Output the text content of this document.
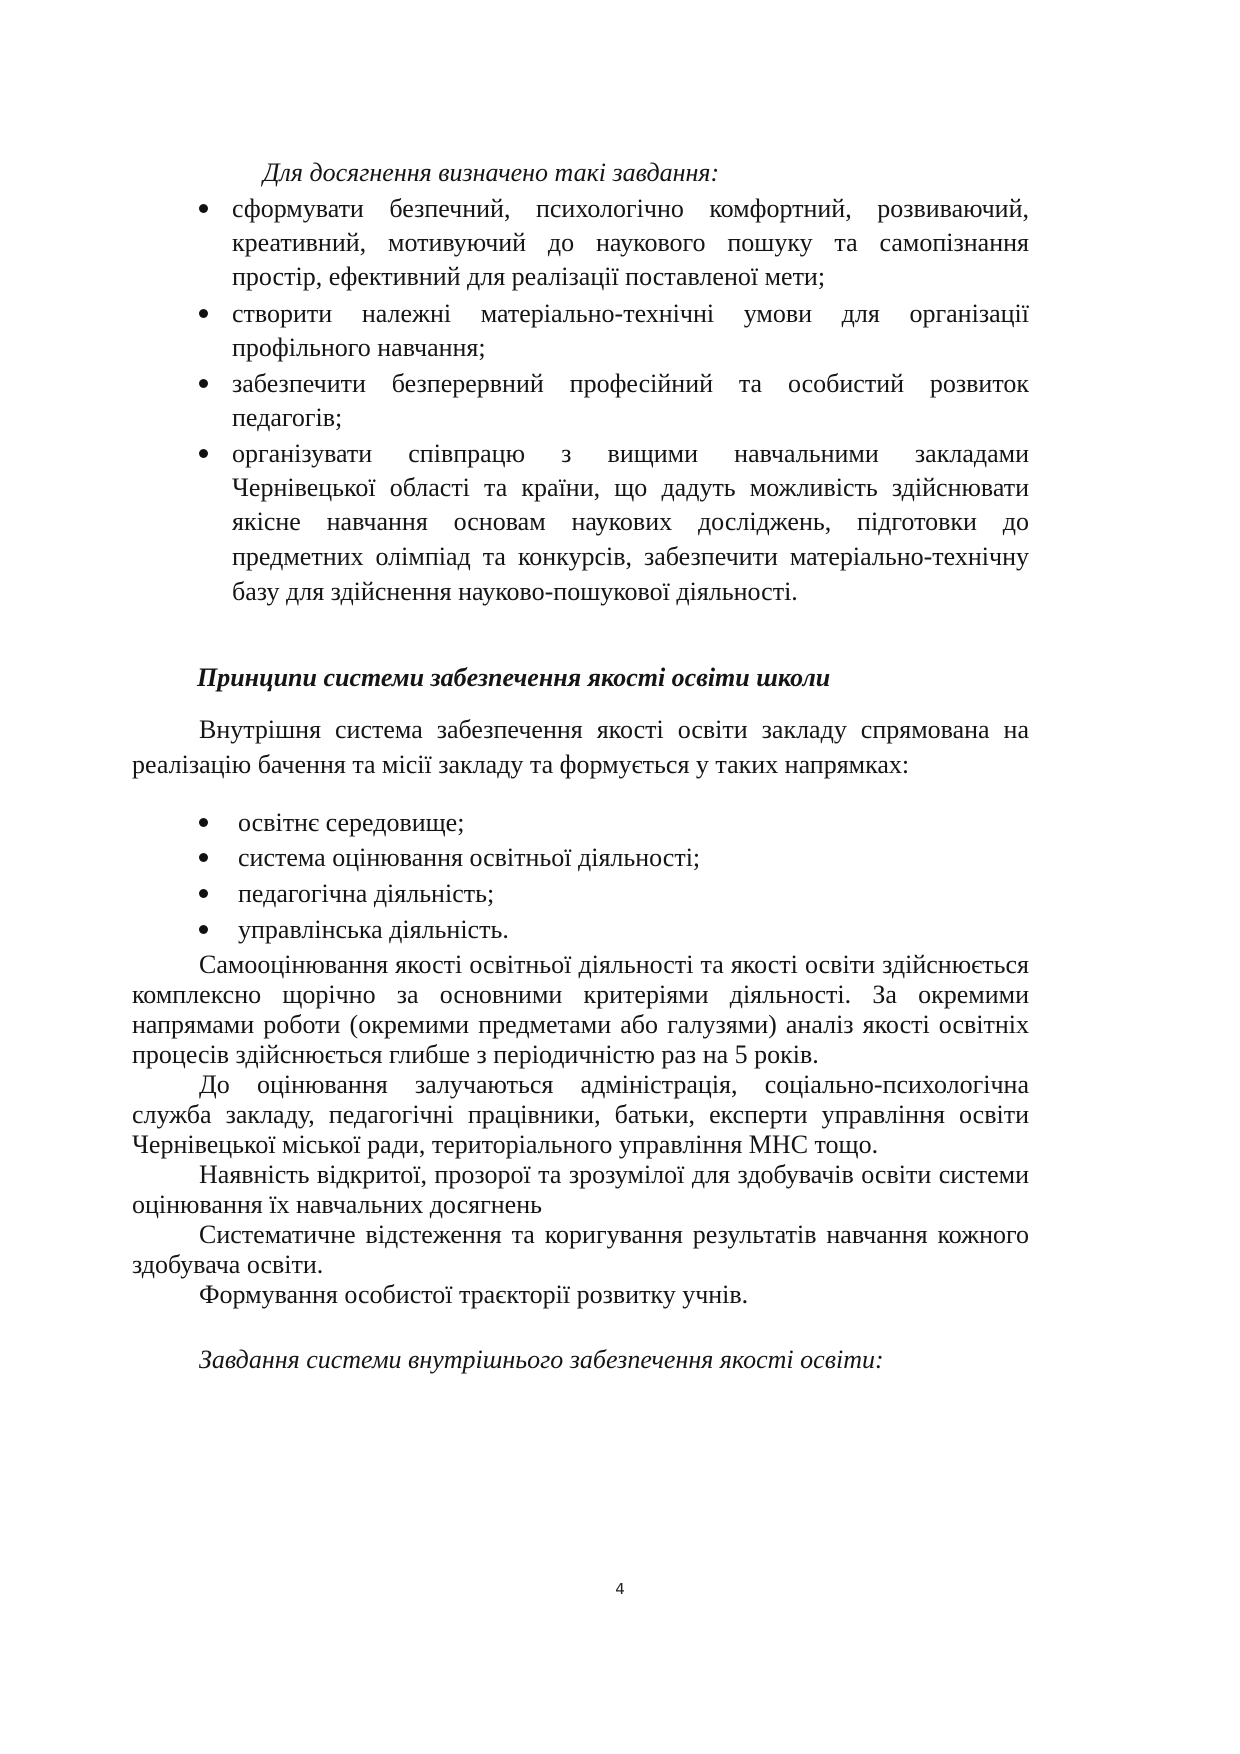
Для досягнення визначено такі завдання:
сформувати безпечний, психологічно комфортний, розвиваючий,
креативний, мотивуючий до наукового пошуку та самопізнання
простір, ефективний для реалізації поставленої мети;
створити належні матеріально-технічні умови для організації
профільного навчання;
забезпечити безперервний професійний та особистий розвиток
педагогів;
організувати співпрацю з вищими навчальними закладами
Чернівецької області та країни, що дадуть можливість здійснювати
якісне навчання основам наукових досліджень, підготовки до
предметних олімпіад та конкурсів, забезпечити матеріально-технічну
базу для здійснення науково-пошукової діяльності.
Принципи системи забезпечення якості освіти школи
Внутрішня система забезпечення якості освіти закладу спрямована на
реалізацію бачення та місії закладу та формується у таких напрямках:
освітнє середовище;
система оцінювання освітньої діяльності;
педагогічна діяльність;
управлінська діяльність.
Самооцінювання якості освітньої діяльності та якості освіти здійснюється
комплексно щорічно за основними критеріями діяльності. За окремими
напрямами роботи (окремими предметами або галузями) аналіз якості освітніх
процесів здійснюється глибше з періодичністю раз на 5 років.
До оцінювання залучаються адміністрація, соціально-психологічна
служба закладу, педагогічні працівники, батьки, експерти управління освіти
Чернівецької міської ради, територіального управління МНС тощо.
Наявність відкритої, прозорої та зрозумілої для здобувачів освіти системи
оцінювання їх навчальних досягнень
Систематичне відстеження та коригування результатів навчання кожного
здобувача освіти.
Формування особистої траєкторії розвитку учнів.
Завдання системи внутрішнього забезпечення якості освіти:
4
